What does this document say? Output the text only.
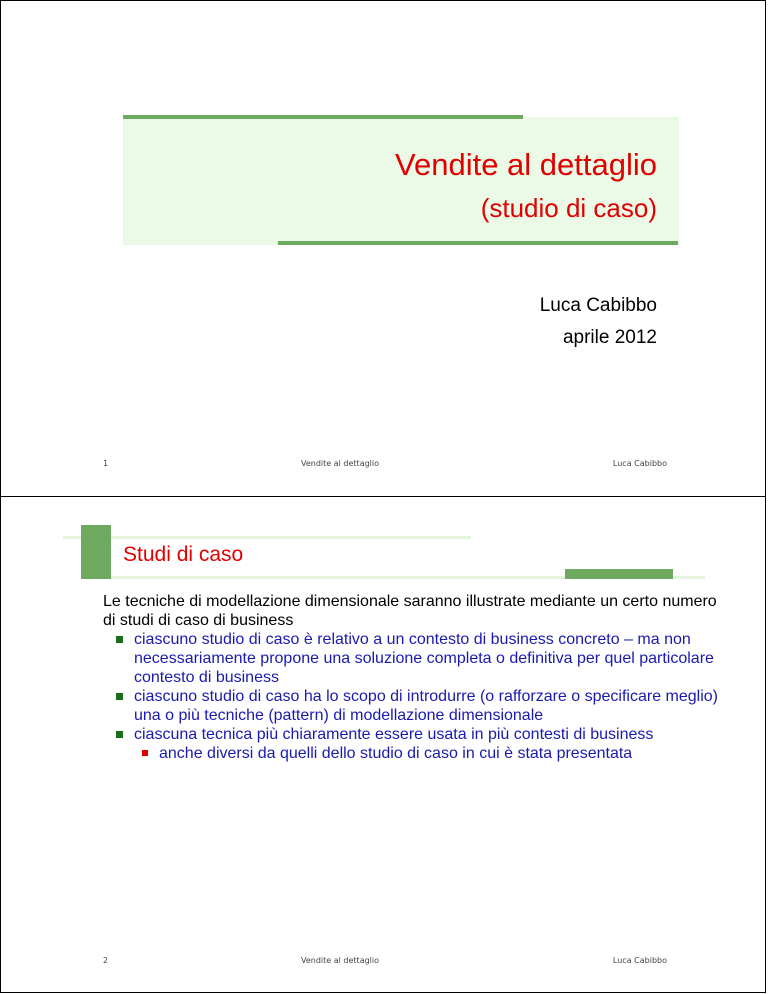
Vendite al dettaglio
(studio di caso)
Luca Cabibbo
aprile 2012
1	Vendite al dettaglio	Luca Cabibbo
Studi di caso

Le tecniche di modellazione dimensionale saranno illustrate mediante un certo numero di studi di caso di business

ciascuno studio di caso è relativo a un contesto di business concreto – ma non necessariamente propone una soluzione completa o definitiva per quel particolare contesto di business
ciascuno studio di caso ha lo scopo di introdurre (o rafforzare o specificare meglio) una o più tecniche (pattern) di modellazione dimensionale
ciascuna tecnica più chiaramente essere usata in più contesti di business
anche diversi da quelli dello studio di caso in cui è stata presentata
2	Vendite al dettaglio	Luca Cabibbo
